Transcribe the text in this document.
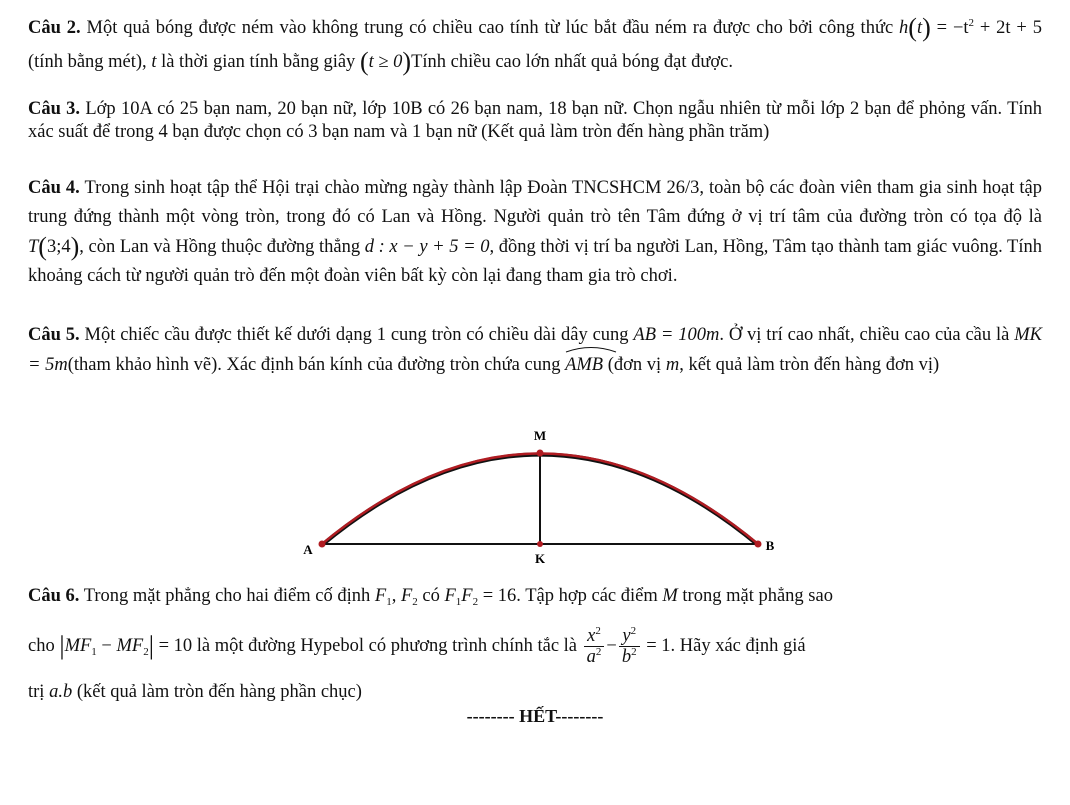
Câu 2. Một quả bóng được ném vào không trung có chiều cao tính từ lúc bắt đầu ném ra được cho bởi công thức $h(t) = -t^2 + 2t + 5$ (tính bằng mét), t là thời gian tính bằng giây (t ≥ 0)Tính chiều cao lớn nhất quả bóng đạt được.

Câu 3. Lớp 10A có 25 bạn nam, 20 bạn nữ, lớp 10B có 26 bạn nam, 18 bạn nữ. Chọn ngẫu nhiên từ mỗi lớp 2 bạn để phỏng vấn. Tính xác suất để trong 4 bạn được chọn có 3 bạn nam và 1 bạn nữ (Kết quả làm tròn đến hàng phần trăm)

Câu 4. Trong sinh hoạt tập thể Hội trại chào mừng ngày thành lập Đoàn TNCSHCM 26/3, toàn bộ các đoàn viên tham gia sinh hoạt tập trung đứng thành một vòng tròn, trong đó có Lan và Hồng. Người quản trò tên Tâm đứng ở vị trí tâm của đường tròn có tọa độ là T(3;4), còn Lan và Hồng thuộc đường thẳng d : x − y + 5 = 0, đồng thời vị trí ba người Lan, Hồng, Tâm tạo thành tam giác vuông. Tính khoảng cách từ người quản trò đến một đoàn viên bất kỳ còn lại đang tham gia trò chơi.

Câu 5. Một chiếc cầu được thiết kế dưới dạng 1 cung tròn có chiều dài dây cung AB = 100m. Ở vị trí cao nhất, chiều cao của cầu là MK = 5m(tham khảo hình vẽ). Xác định bán kính của đường tròn chứa cung
AMB (đơn vị m, kết quả làm tròn đến hàng đơn vị)

M
A	B
K

Câu 6. Trong mặt phẳng cho hai điểm cố định $F_1$, $F_2$ có $F_1F_2 = 16$. Tập hợp các điểm M trong mặt phẳng sao

cho $|MF_1 - MF_2| = 10$ là một đường Hypebol có phương trình chính tắc là $\frac{x^2}{a^2} - \frac{y^2}{b^2} = 1$. Hãy xác định giá

trị a.b (kết quả làm tròn đến hàng phần chục)

-------- HẾT--------
